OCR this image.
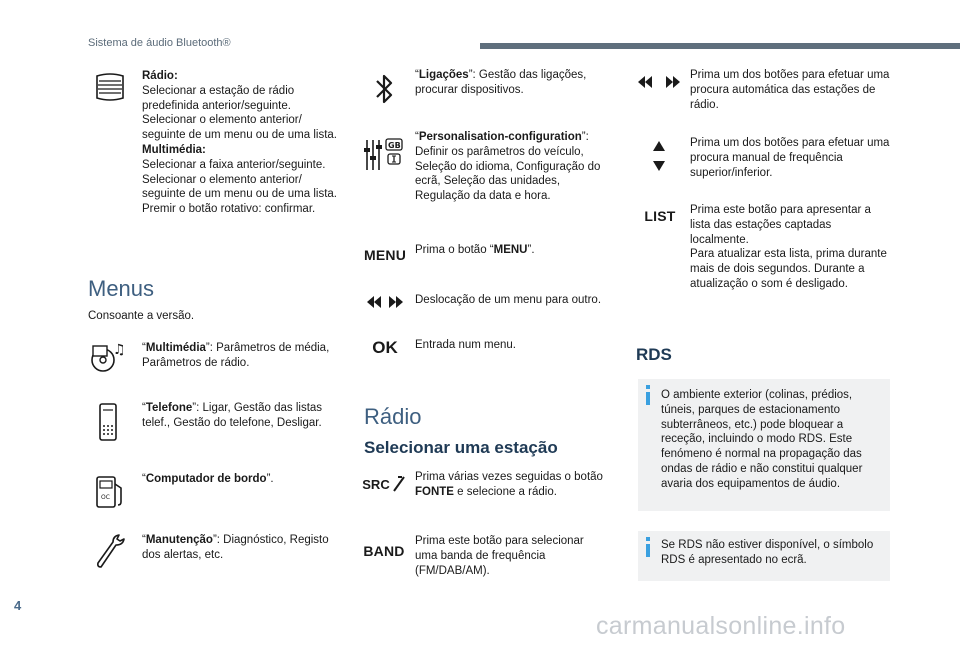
Sistema de áudio Bluetooth®
Rádio:
Selecionar a estação de rádio predefinida anterior/seguinte. Selecionar o elemento anterior/ seguinte de um menu ou de uma lista.
Multimédia:
Selecionar a faixa anterior/seguinte. Selecionar o elemento anterior/ seguinte de um menu ou de uma lista. Premir o botão rotativo: confirmar.
Menus
Consoante a versão.
♫ “Multimédia”: Parâmetros de média, Parâmetros de rádio.
“Telefone”: Ligar, Gestão das listas telef., Gestão do telefone, Desligar.
OC
“Computador de bordo”.
“Manutenção”: Diagnóstico, Registo dos alertas, etc.
“Ligações”: Gestão das ligações, procurar dispositivos.
GB
“Personalisation-configuration”: Definir os parâmetros do veículo, Seleção do idioma, Configuração do ecrã, Seleção das unidades, Regulação da data e hora.
MENU Prima o botão “MENU”.
Deslocação de um menu para outro.
OK Entrada num menu.
Rádio
Selecionar uma estação
SRC Prima várias vezes seguidas o botão
FONTE e selecione a rádio.
BAND
Prima este botão para selecionar uma banda de frequência (FM/DAB/AM).
Prima um dos botões para efetuar uma procura automática das estações de rádio.
Prima um dos botões para efetuar uma procura manual de frequência superior/inferior.
LIST	Prima este botão para apresentar a lista das estações captadas localmente.
Para atualizar esta lista, prima durante mais de dois segundos. Durante a atualização o som é desligado.
RDS
O ambiente exterior (colinas, prédios, túneis, parques de estacionamento subterrâneos, etc.) pode bloquear a receção, incluindo o modo RDS. Este fenómeno é normal na propagação das ondas de rádio e não constitui qualquer avaria dos equipamentos de áudio.
Se RDS não estiver disponível, o símbolo RDS é apresentado no ecrã.
4
carmanualsonline.info
